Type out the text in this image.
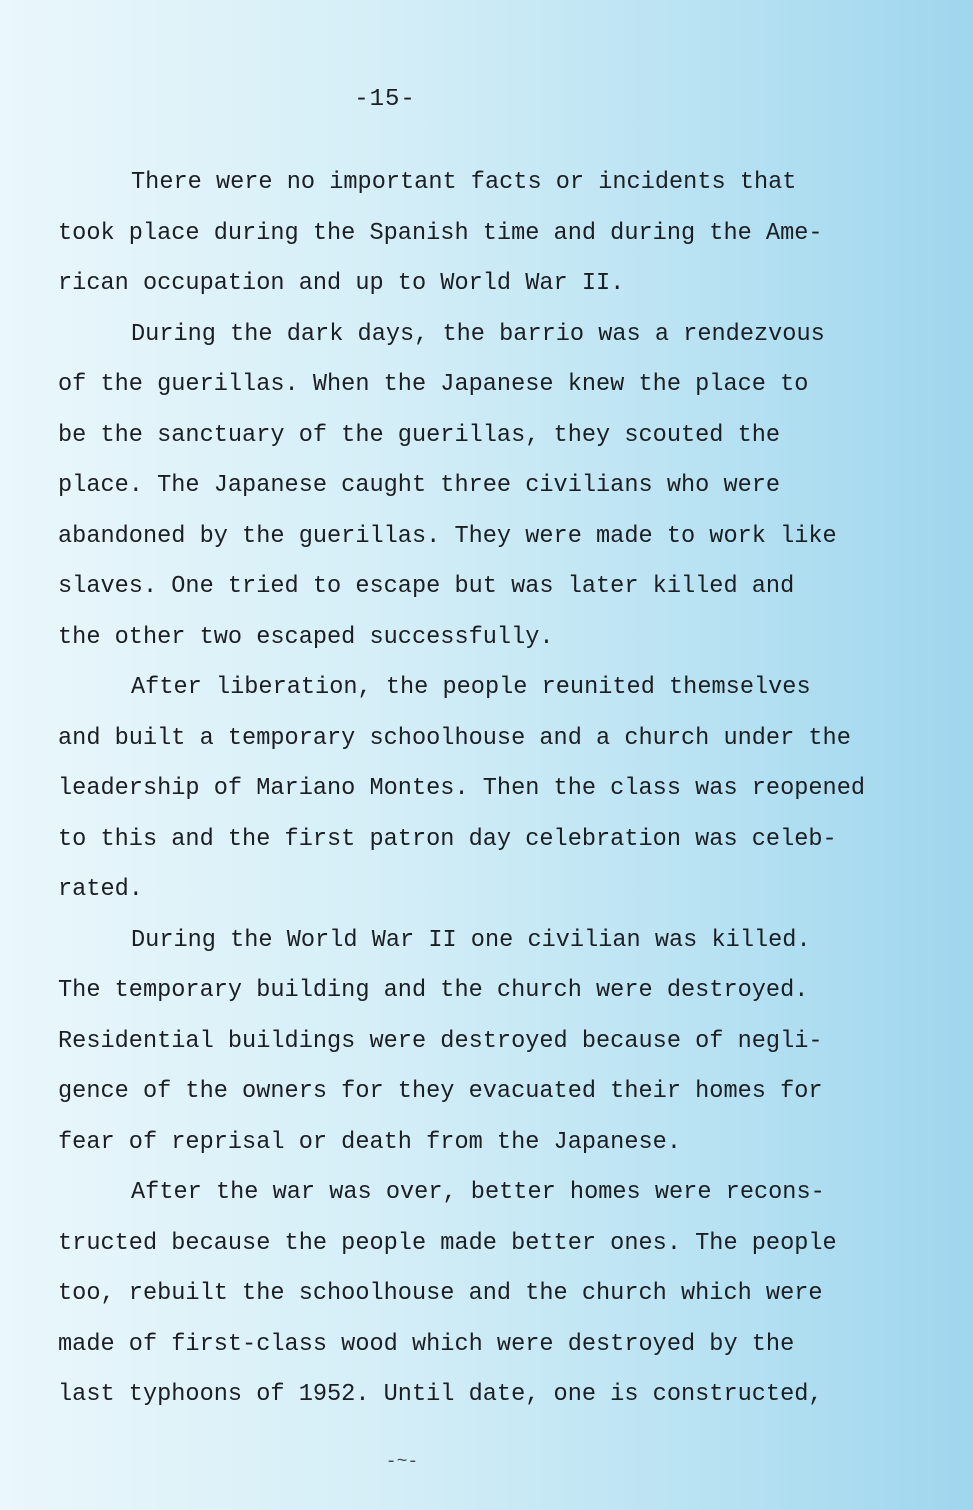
-15-
There were no important facts or incidents that
took place during the Spanish time and during the Ame-
rican occupation and up to World War II.
During the dark days, the barrio was a rendezvous
of the guerillas. When the Japanese knew the place to
be the sanctuary of the guerillas, they scouted the
place. The Japanese caught three civilians who were
abandoned by the guerillas. They were made to work like
slaves. One tried to escape but was later killed and
the other two escaped successfully.
After liberation, the people reunited themselves
and built a temporary schoolhouse and a church under the
leadership of Mariano Montes. Then the class was reopened
to this and the first patron day celebration was celeb-
rated.
During the World War II one civilian was killed.
The temporary building and the church were destroyed.
Residential buildings were destroyed because of negli-
gence of the owners for they evacuated their homes for
fear of reprisal or death from the Japanese.
After the war was over, better homes were recons-
tructed because the people made better ones. The people
too, rebuilt the schoolhouse and the church which were
made of first-class wood which were destroyed by the
last typhoons of 1952. Until date, one is constructed,
-~-
